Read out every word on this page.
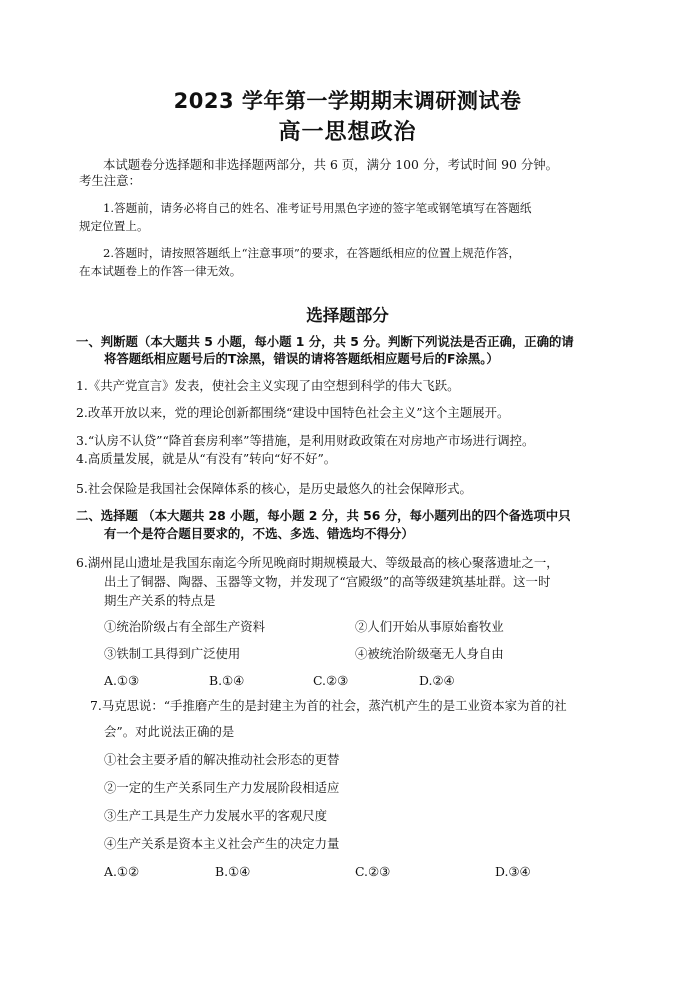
2023 学年第一学期期末调研测试卷
高一思想政治
本试题卷分选择题和非选择题两部分，共 6 页，满分 100 分，考试时间 90 分钟。
考生注意：
1.答题前，请务必将自己的姓名、准考证号用黑色字迹的签字笔或钢笔填写在答题纸
规定位置上。
2.答题时，请按照答题纸上“注意事项”的要求，在答题纸相应的位置上规范作答，
在本试题卷上的作答一律无效。
选择题部分
一、判断题（本大题共 5 小题，每小题 1 分，共 5 分。判断下列说法是否正确，正确的请
将答题纸相应题号后的T涂黑，错误的请将答题纸相应题号后的F涂黑。）
1.《共产党宣言》发表，使社会主义实现了由空想到科学的伟大飞跃。
2.改革开放以来，党的理论创新都围绕“建设中国特色社会主义”这个主题展开。
3.“认房不认贷”“降首套房利率”等措施，是利用财政政策在对房地产市场进行调控。
4.高质量发展，就是从“有没有”转向“好不好”。
5.社会保险是我国社会保障体系的核心，是历史最悠久的社会保障形式。
二、选择题 （本大题共 28 小题，每小题 2 分，共 56 分，每小题列出的四个备选项中只
有一个是符合题目要求的，不选、多选、错选均不得分）
6.湖州昆山遗址是我国东南迄今所见晚商时期规模最大、等级最高的核心聚落遗址之一，
出土了铜器、陶器、玉器等文物，并发现了“宫殿级”的高等级建筑基址群。这一时
期生产关系的特点是
①统治阶级占有全部生产资料	②人们开始从事原始畜牧业
③铁制工具得到广泛使用	④被统治阶级毫无人身自由
A.①③	B.①④	C.②③	D.②④
7.马克思说：“手推磨产生的是封建主为首的社会，蒸汽机产生的是工业资本家为首的社
会”。对此说法正确的是
①社会主要矛盾的解决推动社会形态的更替
②一定的生产关系同生产力发展阶段相适应
③生产工具是生产力发展水平的客观尺度
④生产关系是资本主义社会产生的决定力量
A.①②	B.①④	C.②③	D.③④
